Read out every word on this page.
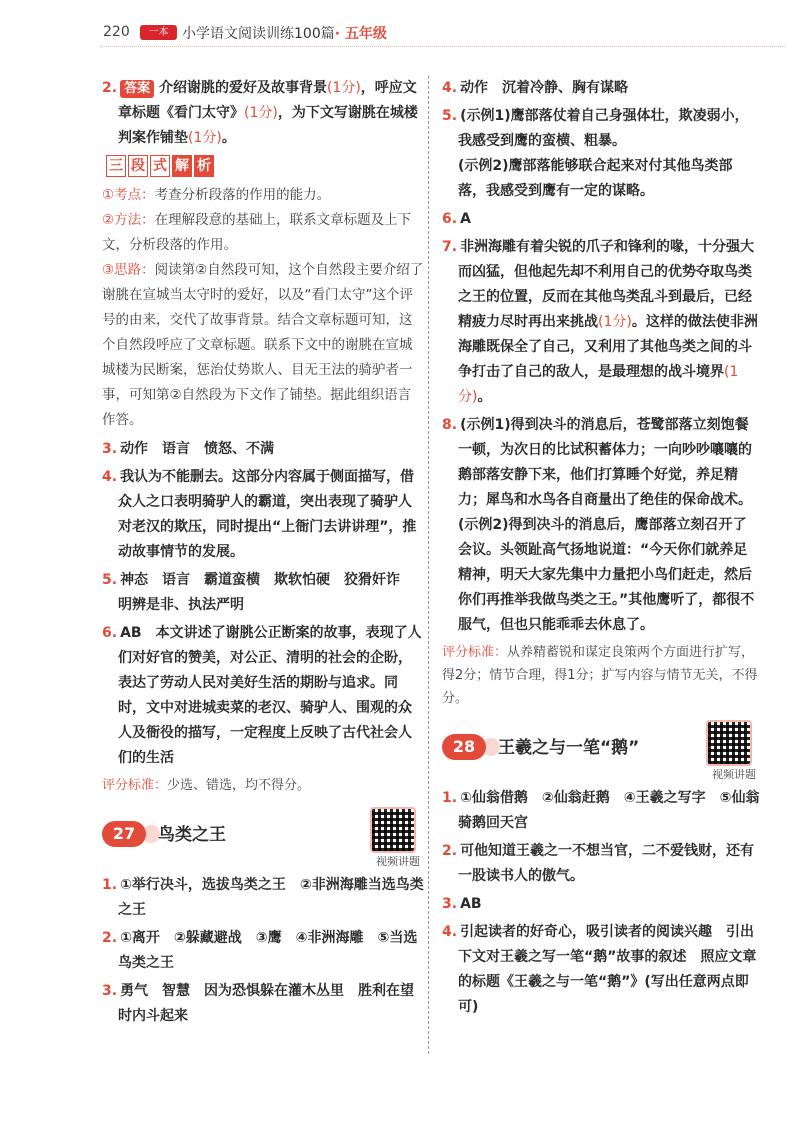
220	一本 小学语文阅读训练100篇· 五年级

2. 答案 介绍谢朓的爱好及故事背景(1分)，呼应文章标题《看门太守》(1分)，为下文写谢朓在城楼判案作铺垫(1分)。

三 段 式 解 析

①考点：考查分析段落的作用的能力。

②方法：在理解段意的基础上，联系文章标题及上下文，分析段落的作用。

③思路：阅读第②自然段可知，这个自然段主要介绍了谢朓在宣城当太守时的爱好，以及“看门太守”这个评号的由来，交代了故事背景。结合文章标题可知，这个自然段呼应了文章标题。联系下文中的谢朓在宣城城楼为民断案，惩治仗势欺人、目无王法的骑驴者一事，可知第②自然段为下文作了铺垫。据此组织语言作答。

3. 动作　语言　愤怒、不满

4. 我认为不能删去。这部分内容属于侧面描写，借众人之口表明骑驴人的霸道，突出表现了骑驴人对老汉的欺压，同时提出“上衙门去讲讲理”，推动故事情节的发展。

5. 神态　语言　霸道蛮横　欺软怕硬　狡猾奸诈　明辨是非、执法严明

6. AB　本文讲述了谢朓公正断案的故事，表现了人们对好官的赞美，对公正、清明的社会的企盼，表达了劳动人民对美好生活的期盼与追求。同时，文中对进城卖菜的老汉、骑驴人、围观的众人及衙役的描写，一定程度上反映了古代社会人们的生活

评分标准：少选、错选，均不得分。

27	鸟类之王
视频讲题

1. ①举行决斗，选拔鸟类之王　②非洲海雕当选鸟类之王

2. ①离开　②躲藏避战　③鹰　④非洲海雕　⑤当选鸟类之王

3. 勇气　智慧　因为恐惧躲在灌木丛里　胜利在望时内斗起来

4. 动作　沉着冷静、胸有谋略

5. (示例1)鹰部落仗着自己身强体壮，欺凌弱小，我感受到鹰的蛮横、粗暴。

(示例2)鹰部落能够联合起来对付其他鸟类部落，我感受到鹰有一定的谋略。

6. A

7. 非洲海雕有着尖锐的爪子和锋利的喙，十分强大而凶猛，但他起先却不利用自己的优势夺取鸟类之王的位置，反而在其他鸟类乱斗到最后，已经精疲力尽时再出来挑战(1分)。这样的做法使非洲海雕既保全了自己，又利用了其他鸟类之间的斗争打击了自己的敌人，是最理想的战斗境界(1分)。

8. (示例1)得到决斗的消息后，苍鹭部落立刻饱餐一顿，为次日的比试积蓄体力；一向吵吵嚷嚷的鹅部落安静下来，他们打算睡个好觉，养足精力；犀鸟和水鸟各自商量出了绝佳的保命战术。

(示例2)得到决斗的消息后，鹰部落立刻召开了会议。头领趾高气扬地说道：“今天你们就养足精神，明天大家先集中力量把小鸟们赶走，然后你们再推举我做鸟类之王。”其他鹰听了，都很不服气，但也只能乖乖去休息了。

评分标准：从养精蓄锐和谋定良策两个方面进行扩写，得2分；情节合理，得1分；扩写内容与情节无关，不得分。

28	王羲之与一笔“鹅”
视频讲题

1. ①仙翁借鹅　②仙翁赶鹅　④王羲之写字　⑤仙翁骑鹅回天宫

2. 可他知道王羲之一不想当官，二不爱钱财，还有一股读书人的傲气。

3. AB

4. 引起读者的好奇心，吸引读者的阅读兴趣　引出下文对王羲之写一笔“鹅”故事的叙述　照应文章的标题《王羲之与一笔“鹅”》(写出任意两点即可)
